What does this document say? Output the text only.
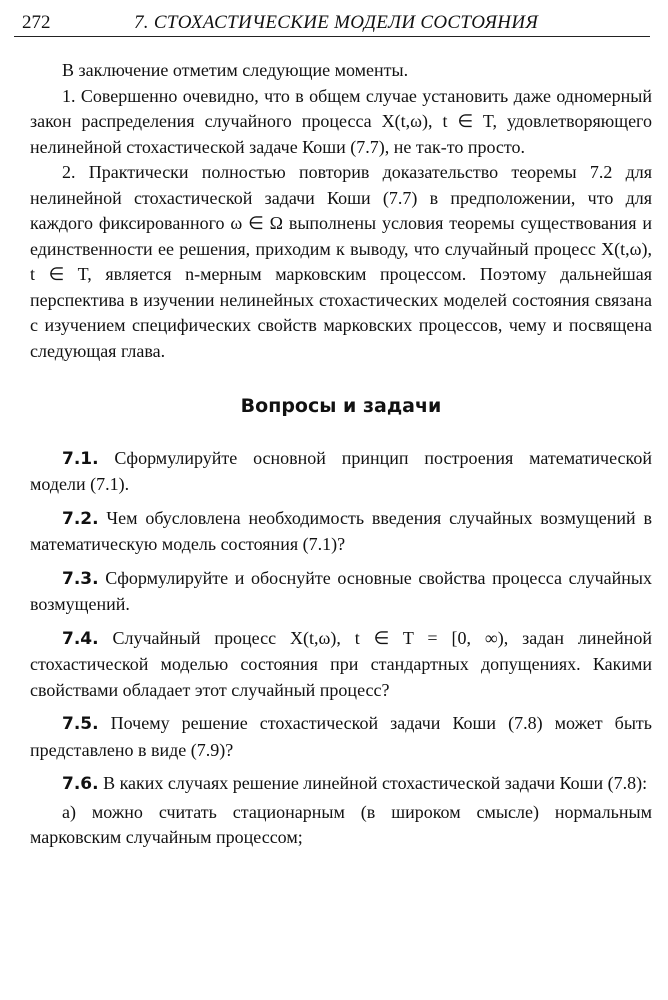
272	7. СТОХАСТИЧЕСКИЕ МОДЕЛИ СОСТОЯНИЯ

В заключение отметим следующие моменты.

1. Совершенно очевидно, что в общем случае установить даже одномерный закон распределения случайного процесса X(t,ω), t ∈ T, удовлетворяющего нелинейной стохастической задаче Коши (7.7), не так-то просто.

2. Практически полностью повторив доказательство теоремы 7.2 для нелинейной стохастической задачи Коши (7.7) в предположении, что для каждого фиксированного ω ∈ Ω выполнены условия теоремы существования и единственности ее решения, приходим к выводу, что случайный процесс X(t,ω), t ∈ T, является n-мерным марковским процессом. Поэтому дальнейшая перспектива в изучении нелинейных стохастических моделей состояния связана с изучением специфических свойств марковских процессов, чему и посвящена следующая глава.

Вопросы и задачи

7.1. Сформулируйте основной принцип построения математической модели (7.1).

7.2. Чем обусловлена необходимость введения случайных возмущений в математическую модель состояния (7.1)?

7.3. Сформулируйте и обоснуйте основные свойства процесса случайных возмущений.

7.4. Случайный процесс X(t,ω), t ∈ T = [0, ∞), задан линейной стохастической моделью состояния при стандартных допущениях. Какими свойствами обладает этот случайный процесс?

7.5. Почему решение стохастической задачи Коши (7.8) может быть представлено в виде (7.9)?

7.6. В каких случаях решение линейной стохастической задачи Коши (7.8):

а) можно считать стационарным (в широком смысле) нормальным марковским случайным процессом;
